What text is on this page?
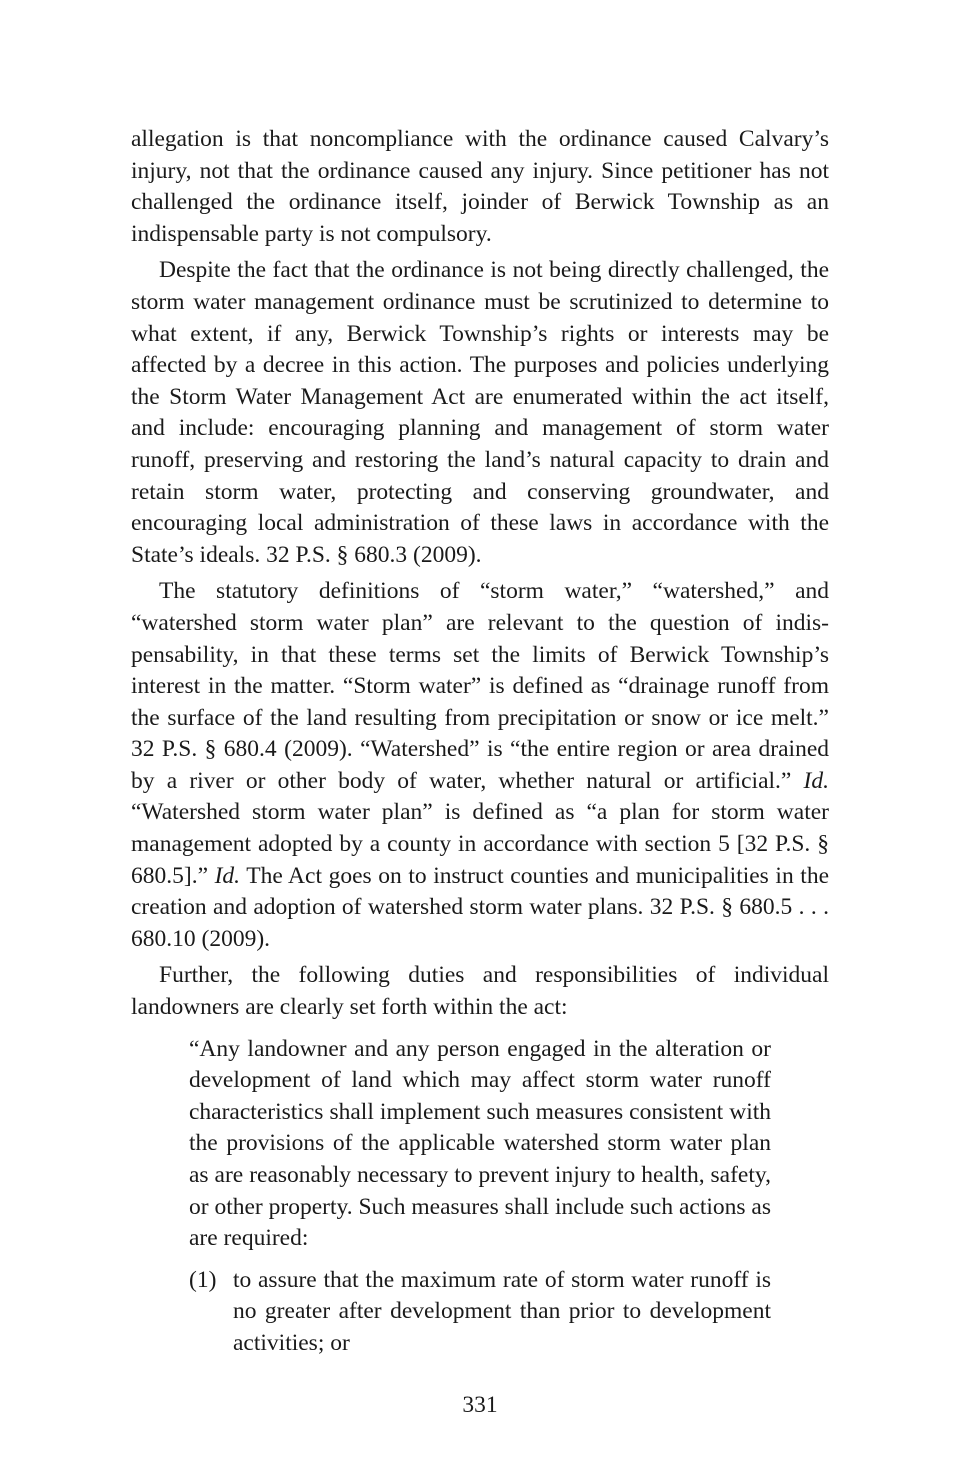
allegation is that noncompliance with the ordinance caused Calvary’s injury, not that the ordinance caused any injury. Since petitioner has not challenged the ordinance itself, joinder of Berwick Township as an indispensable party is not compulsory.

Despite the fact that the ordinance is not being directly challenged, the storm water management ordinance must be scrutinized to determine to what extent, if any, Berwick Township’s rights or interests may be affected by a decree in this action. The purposes and policies underlying the Storm Water Management Act are enumerated within the act itself, and include: encouraging planning and management of storm water runoff, preserving and restoring the land’s natural capacity to drain and retain storm water, protecting and conserving groundwater, and encouraging local administration of these laws in accordance with the State’s ideals. 32 P.S. § 680.3 (2009).

The statutory definitions of “storm water,” “watershed,” and “watershed storm water plan” are relevant to the question of indispensability, in that these terms set the limits of Berwick Township’s interest in the matter. “Storm water” is defined as “drainage runoff from the surface of the land resulting from precipitation or snow or ice melt.” 32 P.S. § 680.4 (2009). “Watershed” is “the entire region or area drained by a river or other body of water, whether natural or artificial.” Id. “Watershed storm water plan” is defined as “a plan for storm water management adopted by a county in accordance with section 5 [32 P.S. § 680.5].” Id. The Act goes on to instruct counties and municipalities in the creation and adoption of watershed storm water plans. 32 P.S. § 680.5 . . . 680.10 (2009).

Further, the following duties and responsibilities of individual landowners are clearly set forth within the act:

“Any landowner and any person engaged in the alteration or development of land which may affect storm water runoff characteristics shall implement such measures consistent with the provisions of the applicable watershed storm water plan as are reasonably necessary to prevent injury to health, safety, or other property. Such measures shall include such actions as are required:

(1) to assure that the maximum rate of storm water runoff is no greater after development than prior to development activities; or
331
